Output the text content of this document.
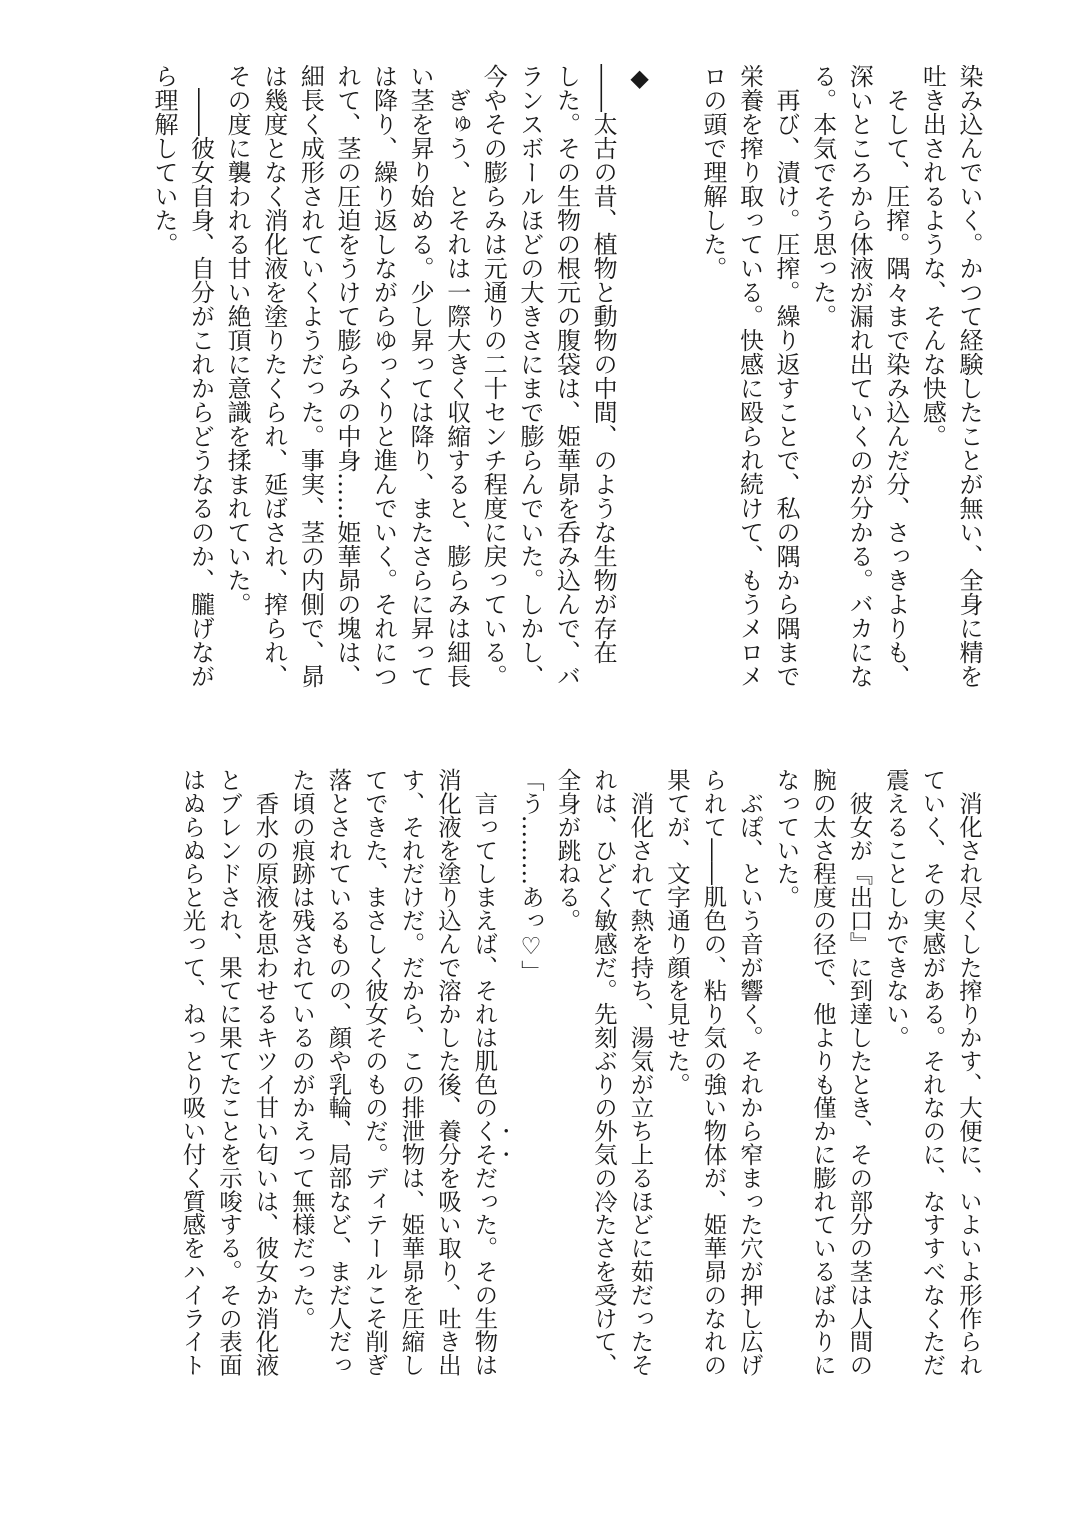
染み込んでいく。かつて経験したことが無い、全身に精を
吐き出されるような、そんな快感。
　そして、圧搾。隅々まで染み込んだ分、さっきよりも、
深いところから体液が漏れ出ていくのが分かる。バカにな
る。本気でそう思った。
　再び、漬け。圧搾。繰り返すことで、私の隅から隅まで
栄養を搾り取っている。快感に殴られ続けて、もうメロメ
ロの頭で理解した。

◆
――太古の昔、植物と動物の中間、のような生物が存在
した。その生物の根元の腹袋は、姫華昴を呑み込んで、バ
ランスボールほどの大きさにまで膨らんでいた。しかし、
今やその膨らみは元通りの二十センチ程度に戻っている。
　ぎゅう、とそれは一際大きく収縮すると、膨らみは細長
い茎を昇り始める。少し昇っては降り、またさらに昇って
は降り、繰り返しながらゆっくりと進んでいく。それにつ
れて、茎の圧迫をうけて膨らみの中身……姫華昴の塊は、
細長く成形されていくようだった。事実、茎の内側で、昴
は幾度となく消化液を塗りたくられ、延ばされ、搾られ、
その度に襲われる甘い絶頂に意識を揉まれていた。
　――彼女自身、自分がこれからどうなるのか、朧げなが
ら理解していた。
　消化され尽くした搾りかす、大便に、いよいよ形作られ
ていく、その実感がある。それなのに、なすすべなくただ
震えることしかできない。
　彼女が『出口』に到達したとき、その部分の茎は人間の
腕の太さ程度の径で、他よりも僅かに膨れているばかりに
なっていた。
　ぶぽ、という音が響く。それから窄まった穴が押し広げ
られて――肌色の、粘り気の強い物体が、姫華昴のなれの
果てが、文字通り顔を見せた。
　消化されて熱を持ち、湯気が立ち上るほどに茹だったそ
れは、ひどく敏感だ。先刻ぶりの外気の冷たさを受けて、
全身が跳ねる。
「う………あっ♡」
　言ってしまえば、それは肌色のくそだった。その生物は
消化液を塗り込んで溶かした後、養分を吸い取り、吐き出
す、それだけだ。だから、この排泄物は、姫華昴を圧縮し
てできた、まさしく彼女そのものだ。ディテールこそ削ぎ
落とされているものの、顔や乳輪、局部など、まだ人だっ
た頃の痕跡は残されているのがかえって無様だった。
　香水の原液を思わせるキツイ甘い匂いは、彼女か消化液
とブレンドされ、果てに果てたことを示唆する。その表面
はぬらぬらと光って、ねっとり吸い付く質感をハイライト
